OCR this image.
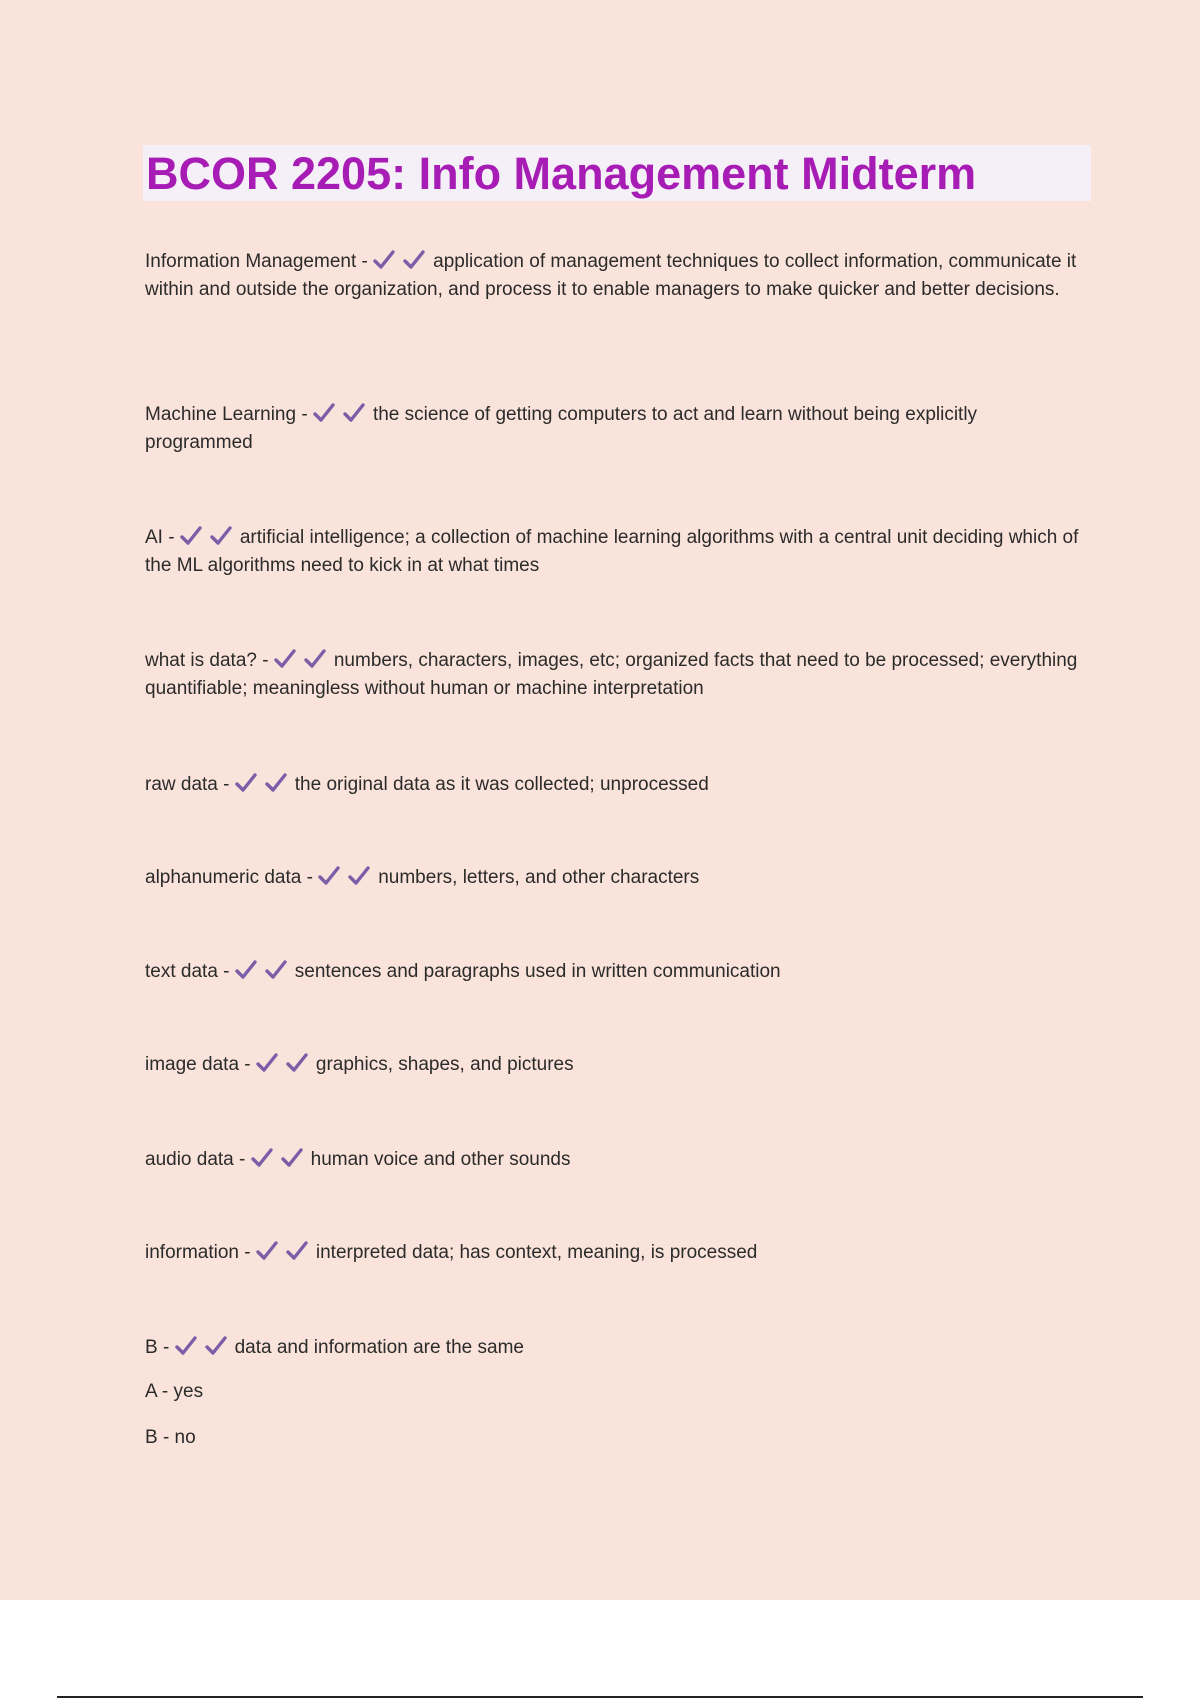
BCOR 2205: Info Management Midterm

Information Management -	application of management techniques to collect information, communicate it within and outside the organization, and process it to enable managers to make quicker and better decisions.

Machine Learning -	the science of getting computers to act and learn without being explicitly programmed

AI -	artificial intelligence; a collection of machine learning algorithms with a central unit deciding which of the ML algorithms need to kick in at what times

what is data? -	numbers, characters, images, etc; organized facts that need to be processed; everything quantifiable; meaningless without human or machine interpretation

raw data -	the original data as it was collected; unprocessed

alphanumeric data -	numbers, letters, and other characters

text data -	sentences and paragraphs used in written communication

image data -	graphics, shapes, and pictures

audio data -	human voice and other sounds

information -	interpreted data; has context, meaning, is processed

B -	data and information are the same

A - yes

B - no
